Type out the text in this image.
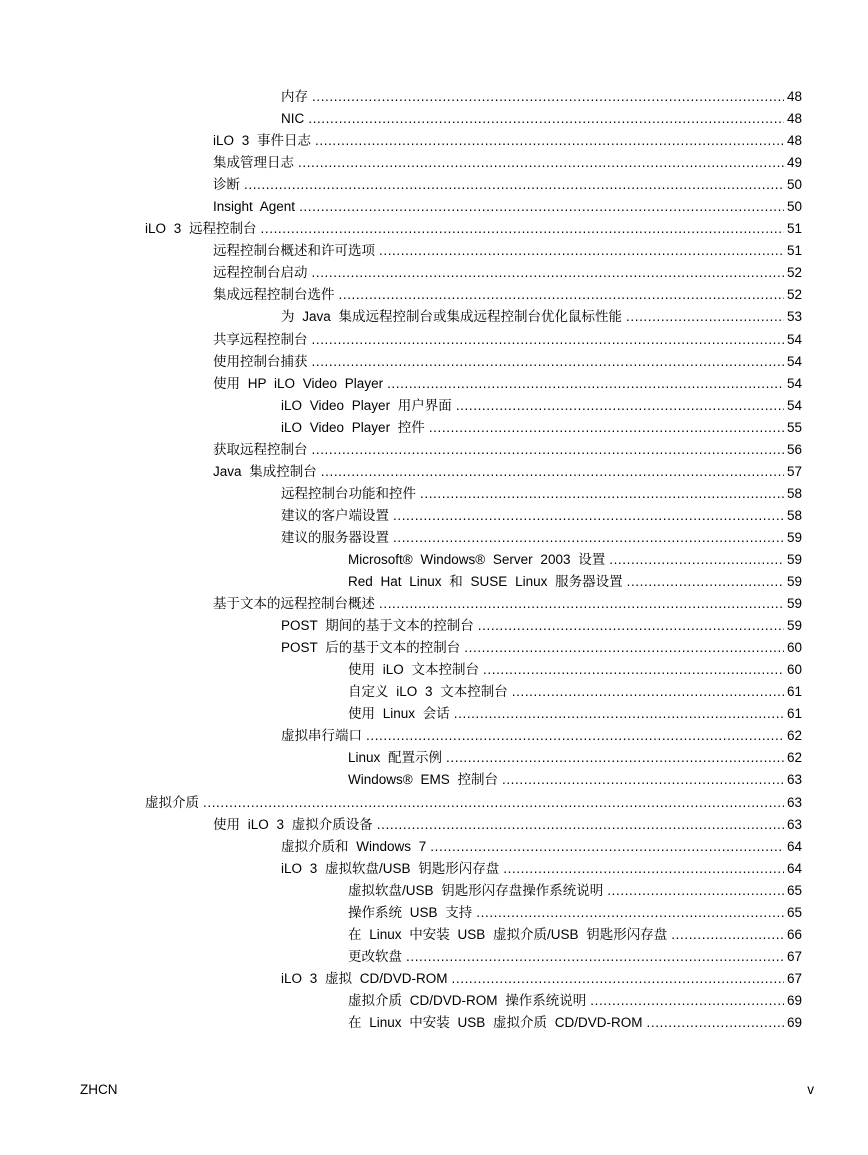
内存 .....	48
NIC .....	48
iLO 3 事件日志 .....	48
集成管理日志 .....	49
诊断 .....	50
Insight Agent .....	50
iLO 3 远程控制台 .....	51
远程控制台概述和许可选项 .....	51
远程控制台启动 .....	52
集成远程控制台选件 .....	52
为 Java 集成远程控制台或集成远程控制台优化鼠标性能 .....	53
共享远程控制台 .....	54
使用控制台捕获 .....	54
使用 HP iLO Video Player .....	54
iLO Video Player 用户界面 .....	54
iLO Video Player 控件 .....	55
获取远程控制台 .....	56
Java 集成控制台 .....	57
远程控制台功能和控件 .....	58
建议的客户端设置 .....	58
建议的服务器设置 .....	59
Microsoft® Windows® Server 2003 设置 .....	59
Red Hat Linux 和 SUSE Linux 服务器设置 .....	59
基于文本的远程控制台概述 .....	59
POST 期间的基于文本的控制台 .....	59
POST 后的基于文本的控制台 .....	60
使用 iLO 文本控制台 .....	60
自定义 iLO 3 文本控制台 .....	61
使用 Linux 会话 .....	61
虚拟串行端口 .....	62
Linux 配置示例 .....	62
Windows® EMS 控制台 .....	63
虚拟介质 .....	63
使用 iLO 3 虚拟介质设备 .....	63
虚拟介质和 Windows 7 .....	64
iLO 3 虚拟软盘/USB 钥匙形闪存盘 .....	64
虚拟软盘/USB 钥匙形闪存盘操作系统说明 .....	65
操作系统 USB 支持 .....	65
在 Linux 中安装 USB 虚拟介质/USB 钥匙形闪存盘 .....	66
更改软盘 .....	67
iLO 3 虚拟 CD/DVD-ROM .....	67
虚拟介质 CD/DVD-ROM 操作系统说明 .....	69
在 Linux 中安装 USB 虚拟介质 CD/DVD-ROM .....	69
ZHCN	v
